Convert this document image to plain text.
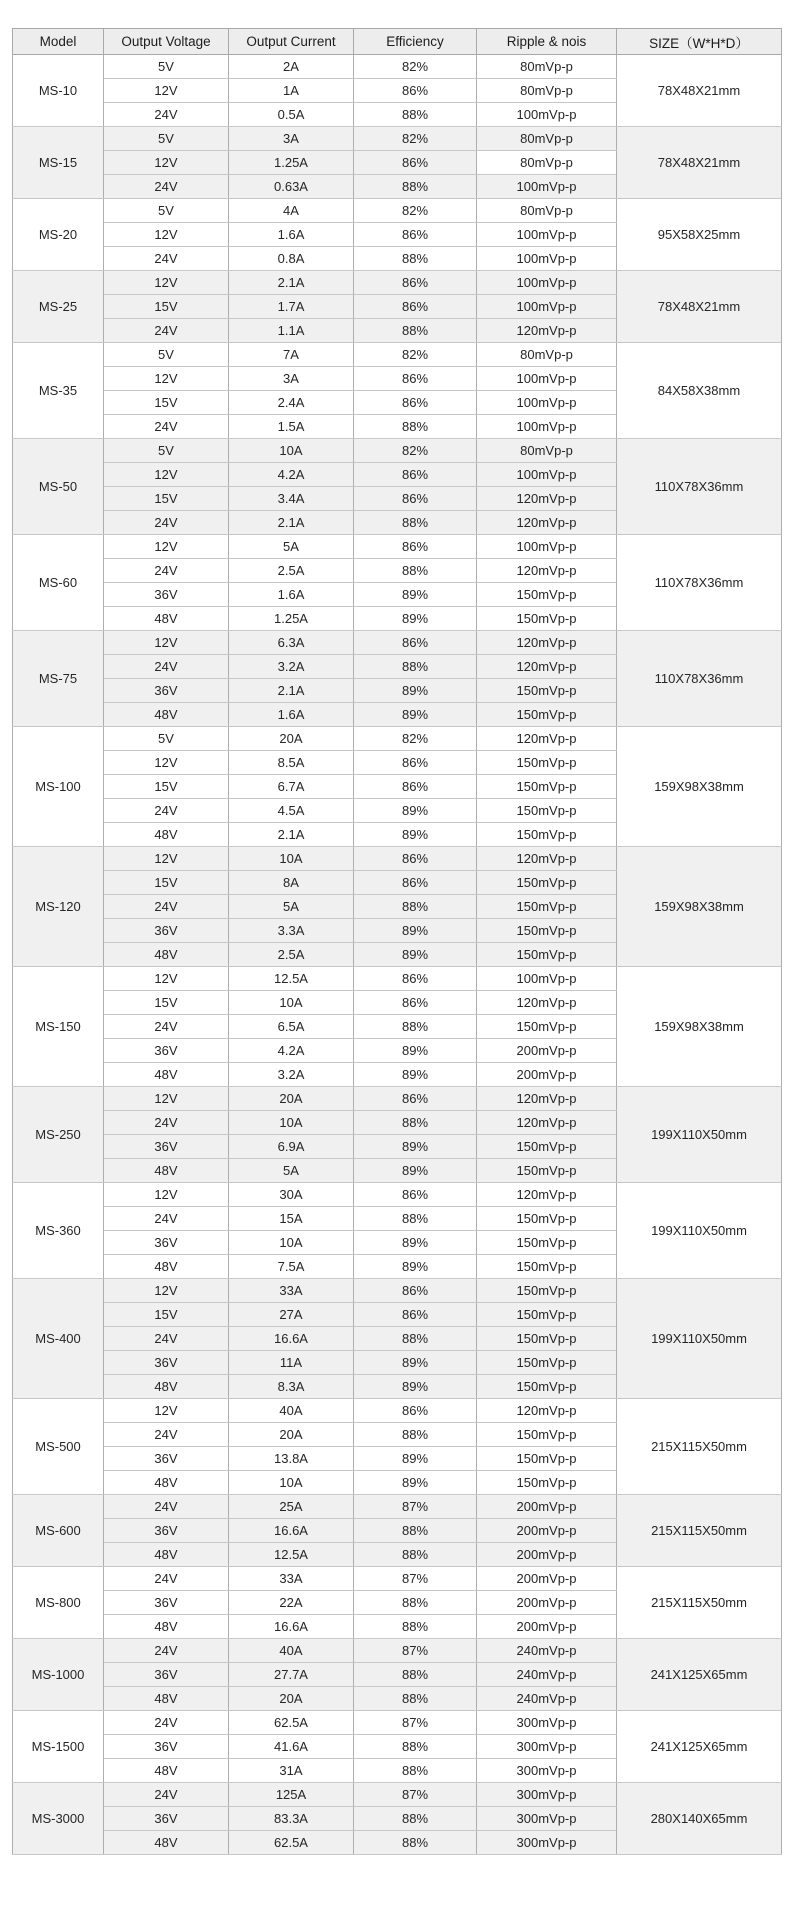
Model	Output Voltage	Output Current	Efficiency	Ripple & nois	SIZE（W*H*D）
MS-10	5V	2A	82%	80mVp-p	78X48X21mm
	12V	1A	86%	80mVp-p	
	24V	0.5A	88%	100mVp-p	
MS-15	5V	3A	82%	80mVp-p	78X48X21mm
	12V	1.25A	86%	80mVp-p	
	24V	0.63A	88%	100mVp-p	
MS-20	5V	4A	82%	80mVp-p	95X58X25mm
	12V	1.6A	86%	100mVp-p	
	24V	0.8A	88%	100mVp-p	
MS-25	12V	2.1A	86%	100mVp-p	78X48X21mm
	15V	1.7A	86%	100mVp-p	
	24V	1.1A	88%	120mVp-p	
MS-35	5V	7A	82%	80mVp-p	84X58X38mm
	12V	3A	86%	100mVp-p	
	15V	2.4A	86%	100mVp-p	
	24V	1.5A	88%	100mVp-p	
MS-50	5V	10A	82%	80mVp-p	110X78X36mm
	12V	4.2A	86%	100mVp-p	
	15V	3.4A	86%	120mVp-p	
	24V	2.1A	88%	120mVp-p	
MS-60	12V	5A	86%	100mVp-p	110X78X36mm
	24V	2.5A	88%	120mVp-p	
	36V	1.6A	89%	150mVp-p	
	48V	1.25A	89%	150mVp-p	
MS-75	12V	6.3A	86%	120mVp-p	110X78X36mm
	24V	3.2A	88%	120mVp-p	
	36V	2.1A	89%	150mVp-p	
	48V	1.6A	89%	150mVp-p	
MS-100	5V	20A	82%	120mVp-p	159X98X38mm
	12V	8.5A	86%	150mVp-p	
	15V	6.7A	86%	150mVp-p	
	24V	4.5A	89%	150mVp-p	
	48V	2.1A	89%	150mVp-p	
MS-120	12V	10A	86%	120mVp-p	159X98X38mm
	15V	8A	86%	150mVp-p	
	24V	5A	88%	150mVp-p	
	36V	3.3A	89%	150mVp-p	
	48V	2.5A	89%	150mVp-p	
MS-150	12V	12.5A	86%	100mVp-p	159X98X38mm
	15V	10A	86%	120mVp-p	
	24V	6.5A	88%	150mVp-p	
	36V	4.2A	89%	200mVp-p	
	48V	3.2A	89%	200mVp-p	
MS-250	12V	20A	86%	120mVp-p	199X110X50mm
	24V	10A	88%	120mVp-p	
	36V	6.9A	89%	150mVp-p	
	48V	5A	89%	150mVp-p	
MS-360	12V	30A	86%	120mVp-p	199X110X50mm
	24V	15A	88%	150mVp-p	
	36V	10A	89%	150mVp-p	
	48V	7.5A	89%	150mVp-p	
MS-400	12V	33A	86%	150mVp-p	199X110X50mm
	15V	27A	86%	150mVp-p	
	24V	16.6A	88%	150mVp-p	
	36V	11A	89%	150mVp-p	
	48V	8.3A	89%	150mVp-p	
MS-500	12V	40A	86%	120mVp-p	215X115X50mm
	24V	20A	88%	150mVp-p	
	36V	13.8A	89%	150mVp-p	
	48V	10A	89%	150mVp-p	
MS-600	24V	25A	87%	200mVp-p	215X115X50mm
	36V	16.6A	88%	200mVp-p	
	48V	12.5A	88%	200mVp-p	
MS-800	24V	33A	87%	200mVp-p	215X115X50mm
	36V	22A	88%	200mVp-p	
	48V	16.6A	88%	200mVp-p	
MS-1000	24V	40A	87%	240mVp-p	241X125X65mm
	36V	27.7A	88%	240mVp-p	
	48V	20A	88%	240mVp-p	
MS-1500	24V	62.5A	87%	300mVp-p	241X125X65mm
	36V	41.6A	88%	300mVp-p	
	48V	31A	88%	300mVp-p	
MS-3000	24V	125A	87%	300mVp-p	280X140X65mm
	36V	83.3A	88%	300mVp-p	
	48V	62.5A	88%	300mVp-p	
